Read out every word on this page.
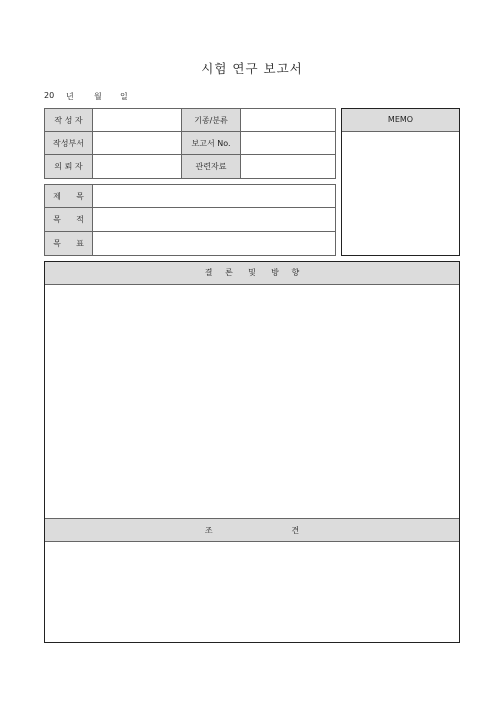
시험 연구 보고서
20 년	월 일
작 성 자		기종/분류	
작성부서		보고서 No.	
의 뢰 자		관련자료	
제      목	
목      적	
목      표	
MEMO
결     론      및      방     향
조                               견
